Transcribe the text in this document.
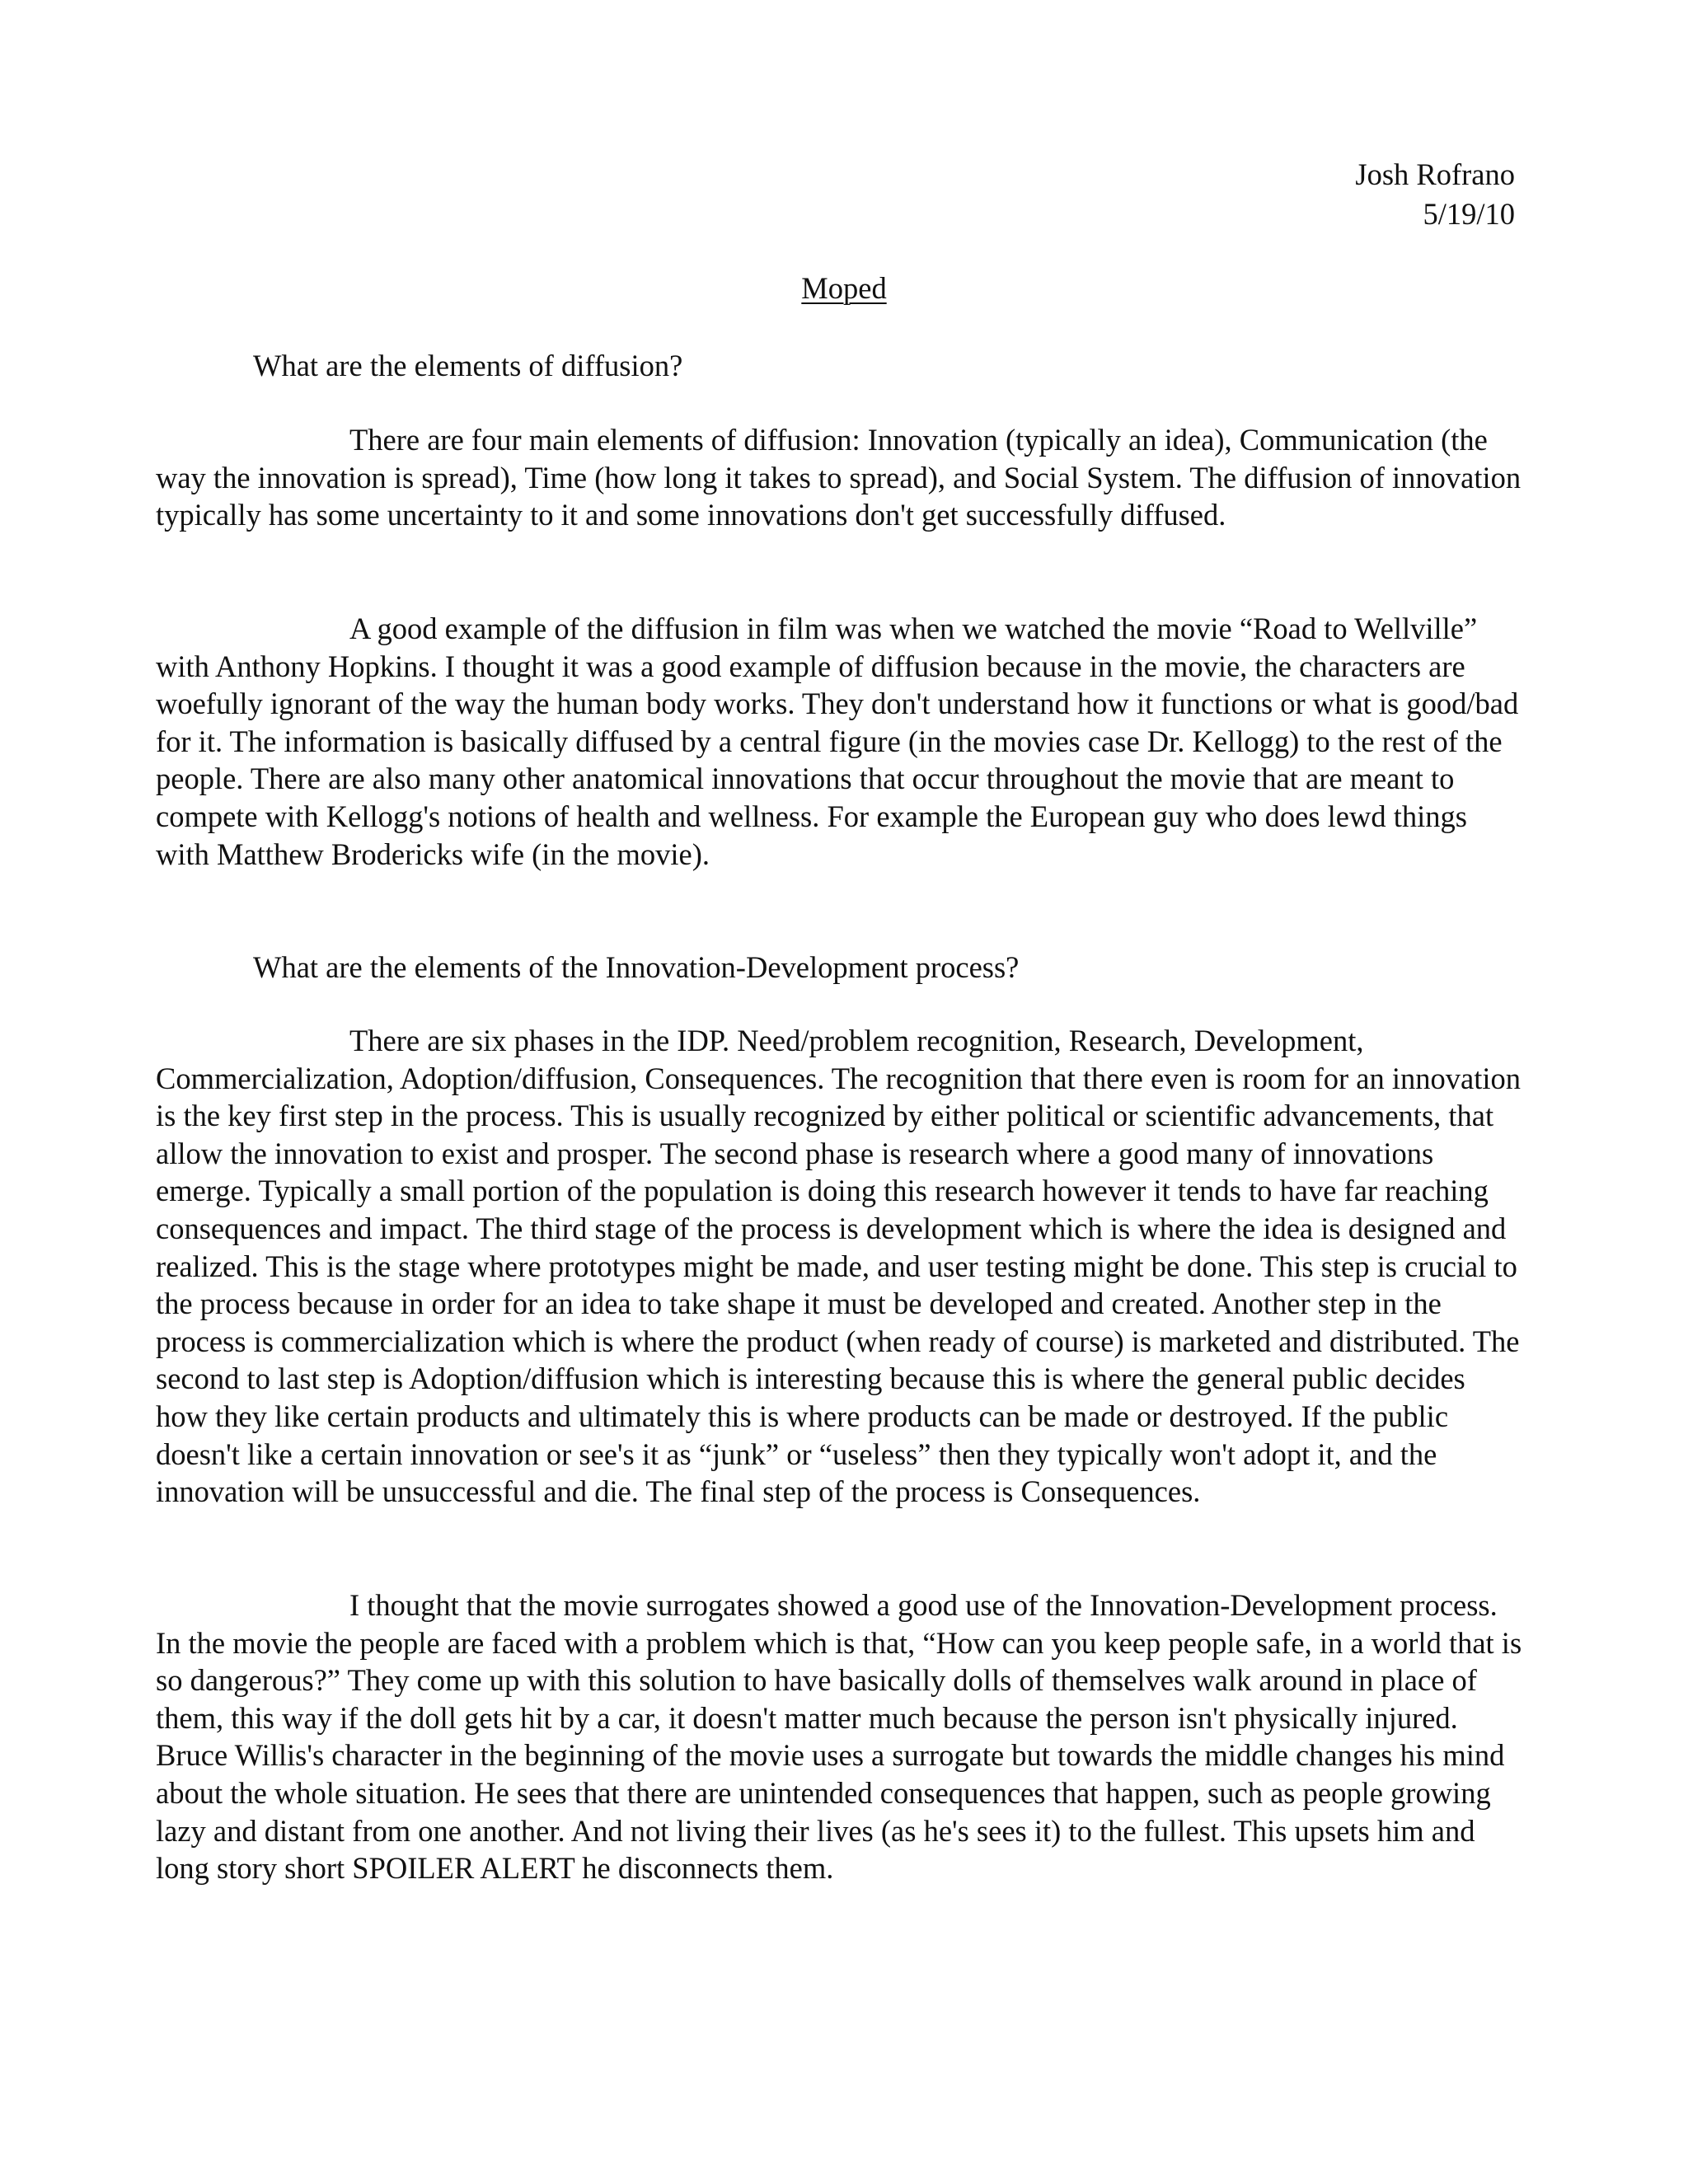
Josh Rofrano
5/19/10
Moped
What are the elements of diffusion?

There are four main elements of diffusion: Innovation (typically an idea), Communication (the way the innovation is spread), Time (how long it takes to spread), and Social System. The diffusion of innovation typically has some uncertainty to it and some innovations don't get successfully diffused.

A good example of the diffusion in film was when we watched the movie “Road to Wellville” with Anthony Hopkins. I thought it was a good example of diffusion because in the movie, the characters are woefully ignorant of the way the human body works. They don't understand how it functions or what is good/bad for it. The information is basically diffused by a central figure (in the movies case Dr. Kellogg) to the rest of the people. There are also many other anatomical innovations that occur throughout the movie that are meant to compete with Kellogg's notions of health and wellness. For example the European guy who does lewd things with Matthew Brodericks wife (in the movie).

What are the elements of the Innovation-Development process?

There are six phases in the IDP. Need/problem recognition, Research, Development, Commercialization, Adoption/diffusion, Consequences. The recognition that there even is room for an innovation is the key first step in the process. This is usually recognized by either political or scientific advancements, that allow the innovation to exist and prosper. The second phase is research where a good many of innovations emerge. Typically a small portion of the population is doing this research however it tends to have far reaching consequences and impact. The third stage of the process is development which is where the idea is designed and realized. This is the stage where prototypes might be made, and user testing might be done. This step is crucial to the process because in order for an idea to take shape it must be developed and created. Another step in the process is commercialization which is where the product (when ready of course) is marketed and distributed. The second to last step is Adoption/diffusion which is interesting because this is where the general public decides how they like certain products and ultimately this is where products can be made or destroyed. If the public doesn't like a certain innovation or see's it as “junk” or “useless” then they typically won't adopt it, and the innovation will be unsuccessful and die. The final step of the process is Consequences.

I thought that the movie surrogates showed a good use of the Innovation-Development process. In the movie the people are faced with a problem which is that, “How can you keep people safe, in a world that is so dangerous?” They come up with this solution to have basically dolls of themselves walk around in place of them, this way if the doll gets hit by a car, it doesn't matter much because the person isn't physically injured. Bruce Willis's character in the beginning of the movie uses a surrogate but towards the middle changes his mind about the whole situation. He sees that there are unintended consequences that happen, such as people growing lazy and distant from one another. And not living their lives (as he's sees it) to the fullest. This upsets him and long story short SPOILER ALERT he disconnects them.
